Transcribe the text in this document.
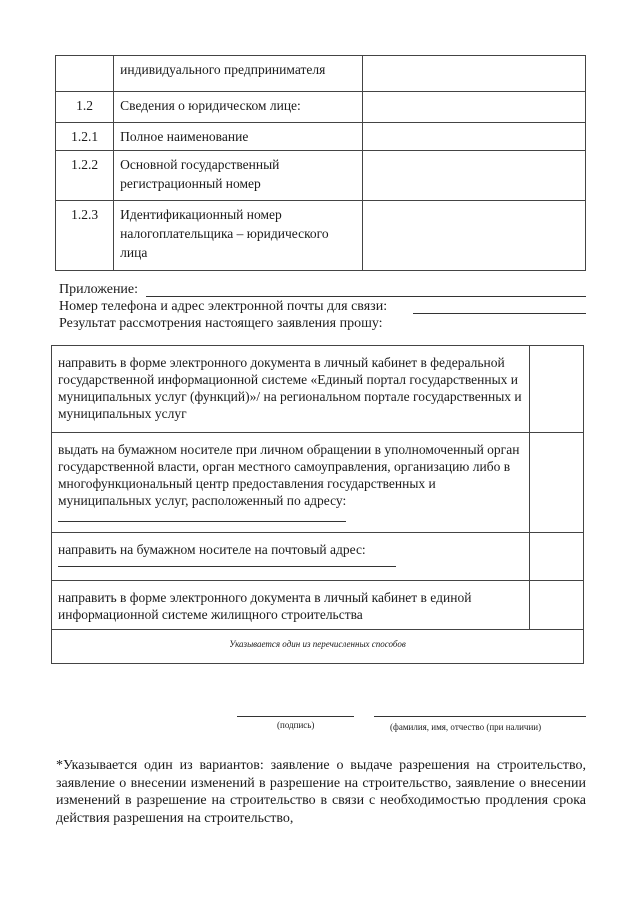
	индивидуального предпринимателя	
1.2	Сведения о юридическом лице:	
1.2.1	Полное наименование	
1.2.2	Основной государственный регистрационный номер	
1.2.3	Идентификационный номер налогоплательщика – юридического лица	
Приложение:
Номер телефона и адрес электронной почты для связи:
Результат рассмотрения настоящего заявления прошу:
направить в форме электронного документа в личный кабинет в федеральной государственной информационной системе «Единый портал государственных и муниципальных услуг (функций)»/ на региональном портале государственных и муниципальных услуг	
выдать на бумажном носителе при личном обращении в уполномоченный орган государственной власти, орган местного самоуправления, организацию либо в многофункциональный центр предоставления государственных и муниципальных услуг, расположенный по адресу:	

направить на бумажном носителе на почтовый адрес:	

направить в форме электронного документа в личный кабинет в единой информационной системе жилищного строительства	
Указывается один из перечисленных способов	
(подпись)	(фамилия, имя, отчество (при наличии)
*Указывается один из вариантов: заявление о выдаче разрешения на строительство, заявление о внесении изменений в разрешение на строительство, заявление о внесении изменений в разрешение на строительство в связи с необходимостью продления срока действия разрешения на строительство,
